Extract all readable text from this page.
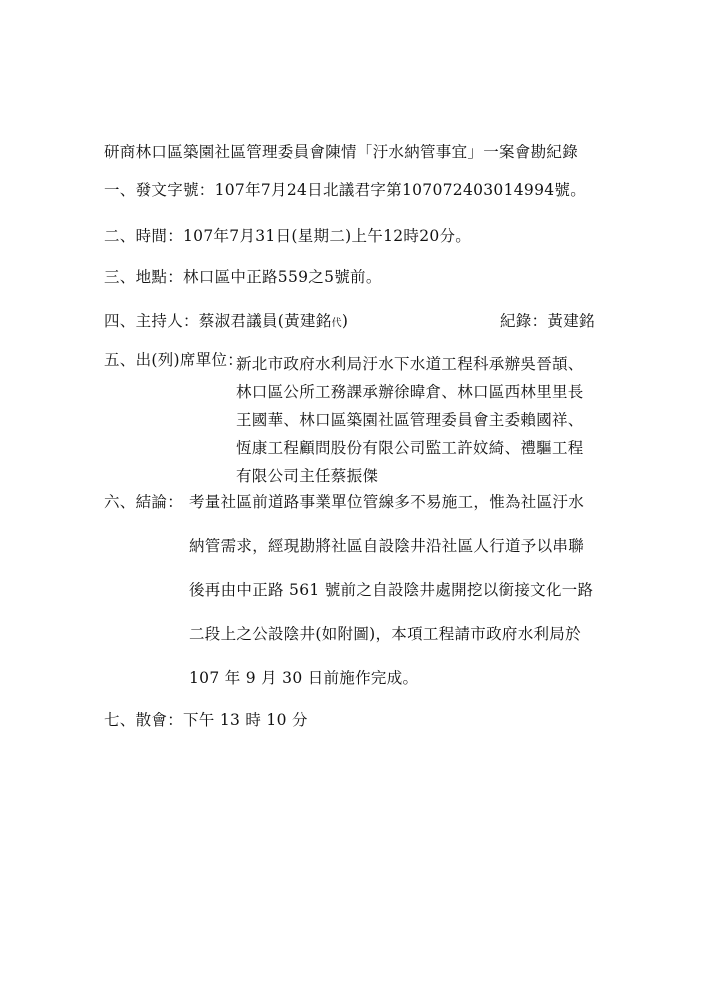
研商林口區築園社區管理委員會陳情「汙水納管事宜」一案會勘紀錄
一、發文字號：107年7月24日北議君字第107072403014994號。
二、時間：107年7月31日(星期二)上午12時20分。
三、地點：林口區中正路559之5號前。
四、主持人：蔡淑君議員(黃建銘代)	紀錄：黃建銘
五、出(列)席單位：
新北市政府水利局汙水下水道工程科承辦吳晉頡、
林口區公所工務課承辦徐暐倉、林口區西林里里長
王國華、林口區築園社區管理委員會主委賴國祥、
恆康工程顧問股份有限公司監工許妏綺、禮驅工程
有限公司主任蔡振傑
六、結論： 考量社區前道路事業單位管線多不易施工，惟為社區汙水
納管需求，經現勘將社區自設陰井沿社區人行道予以串聯
後再由中正路 561 號前之自設陰井處開挖以銜接文化一路
二段上之公設陰井(如附圖)，本項工程請市政府水利局於
107 年 9 月 30 日前施作完成。
七、散會：下午 13 時 10 分
